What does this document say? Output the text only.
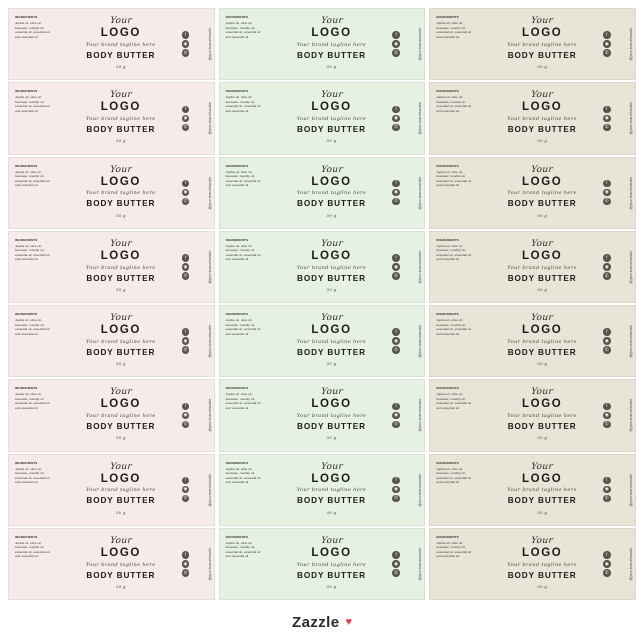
INGREDIENTS
Jojoba oil, olive oil, beeswax, rosehip oil, essential oil, essential oil and essential oil.
Your
LOGO
Your brand tagline here
BODY BUTTER
50 g
f
◉
✆	@yourbrandhandle
INGREDIENTS
Jojoba oil, olive oil, beeswax, rosehip oil, essential oil, essential oil and essential oil.
Your
LOGO
Your brand tagline here
BODY BUTTER
50 g
f
◉
✆	@yourbrandhandle
INGREDIENTS
Jojoba oil, olive oil, beeswax, rosehip oil, essential oil, essential oil and essential oil.
Your
LOGO
Your brand tagline here
BODY BUTTER
50 g
f
◉
✆	@yourbrandhandle
INGREDIENTS
Jojoba oil, olive oil, beeswax, rosehip oil, essential oil, essential oil and essential oil.
Your
LOGO
Your brand tagline here
BODY BUTTER
50 g
f
◉
✆	@yourbrandhandle
INGREDIENTS
Jojoba oil, olive oil, beeswax, rosehip oil, essential oil, essential oil and essential oil.
Your
LOGO
Your brand tagline here
BODY BUTTER
50 g
f
◉
✆	@yourbrandhandle
INGREDIENTS
Jojoba oil, olive oil, beeswax, rosehip oil, essential oil, essential oil and essential oil.
Your
LOGO
Your brand tagline here
BODY BUTTER
50 g
f
◉
✆	@yourbrandhandle
INGREDIENTS
Jojoba oil, olive oil, beeswax, rosehip oil, essential oil, essential oil and essential oil.
Your
LOGO
Your brand tagline here
BODY BUTTER
50 g
f
◉
✆	@yourbrandhandle
INGREDIENTS
Jojoba oil, olive oil, beeswax, rosehip oil, essential oil, essential oil and essential oil.
Your
LOGO
Your brand tagline here
BODY BUTTER
50 g
f
◉
✆	@yourbrandhandle
INGREDIENTS
Jojoba oil, olive oil, beeswax, rosehip oil, essential oil, essential oil and essential oil.
Your
LOGO
Your brand tagline here
BODY BUTTER
50 g
f
◉
✆	@yourbrandhandle
INGREDIENTS
Jojoba oil, olive oil, beeswax, rosehip oil, essential oil, essential oil and essential oil.
Your
LOGO
Your brand tagline here
BODY BUTTER
50 g
f
◉
✆	@yourbrandhandle
INGREDIENTS
Jojoba oil, olive oil, beeswax, rosehip oil, essential oil, essential oil and essential oil.
Your
LOGO
Your brand tagline here
BODY BUTTER
50 g
f
◉
✆	@yourbrandhandle
INGREDIENTS
Jojoba oil, olive oil, beeswax, rosehip oil, essential oil, essential oil and essential oil.
Your
LOGO
Your brand tagline here
BODY BUTTER
50 g
f
◉
✆	@yourbrandhandle
INGREDIENTS
Jojoba oil, olive oil, beeswax, rosehip oil, essential oil, essential oil and essential oil.
Your
LOGO
Your brand tagline here
BODY BUTTER
50 g
f
◉
✆	@yourbrandhandle
INGREDIENTS
Jojoba oil, olive oil, beeswax, rosehip oil, essential oil, essential oil and essential oil.
Your
LOGO
Your brand tagline here
BODY BUTTER
50 g
f
◉
✆	@yourbrandhandle
INGREDIENTS
Jojoba oil, olive oil, beeswax, rosehip oil, essential oil, essential oil and essential oil.
Your
LOGO
Your brand tagline here
BODY BUTTER
50 g
f
◉
✆	@yourbrandhandle
INGREDIENTS
Jojoba oil, olive oil, beeswax, rosehip oil, essential oil, essential oil and essential oil.
Your
LOGO
Your brand tagline here
BODY BUTTER
50 g
f
◉
✆	@yourbrandhandle
INGREDIENTS
Jojoba oil, olive oil, beeswax, rosehip oil, essential oil, essential oil and essential oil.
Your
LOGO
Your brand tagline here
BODY BUTTER
50 g
f
◉
✆	@yourbrandhandle
INGREDIENTS
Jojoba oil, olive oil, beeswax, rosehip oil, essential oil, essential oil and essential oil.
Your
LOGO
Your brand tagline here
BODY BUTTER
50 g
f
◉
✆	@yourbrandhandle
INGREDIENTS
Jojoba oil, olive oil, beeswax, rosehip oil, essential oil, essential oil and essential oil.
Your
LOGO
Your brand tagline here
BODY BUTTER
50 g
f
◉
✆	@yourbrandhandle
INGREDIENTS
Jojoba oil, olive oil, beeswax, rosehip oil, essential oil, essential oil and essential oil.
Your
LOGO
Your brand tagline here
BODY BUTTER
50 g
f
◉
✆	@yourbrandhandle
INGREDIENTS
Jojoba oil, olive oil, beeswax, rosehip oil, essential oil, essential oil and essential oil.
Your
LOGO
Your brand tagline here
BODY BUTTER
50 g
f
◉
✆	@yourbrandhandle
INGREDIENTS
Jojoba oil, olive oil, beeswax, rosehip oil, essential oil, essential oil and essential oil.
Your
LOGO
Your brand tagline here
BODY BUTTER
50 g
f
◉
✆	@yourbrandhandle
INGREDIENTS
Jojoba oil, olive oil, beeswax, rosehip oil, essential oil, essential oil and essential oil.
Your
LOGO
Your brand tagline here
BODY BUTTER
50 g
f
◉
✆	@yourbrandhandle
INGREDIENTS
Jojoba oil, olive oil, beeswax, rosehip oil, essential oil, essential oil and essential oil.
Your
LOGO
Your brand tagline here
BODY BUTTER
50 g
f
◉
✆	@yourbrandhandle
Zazzle ♥
